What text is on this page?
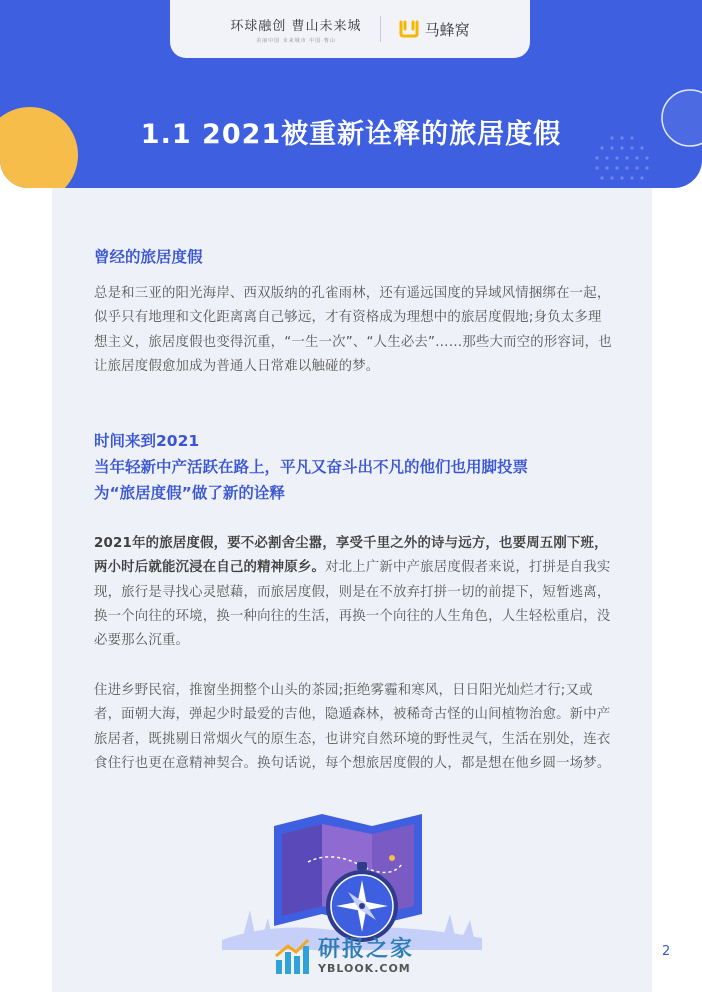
环球融创 曹山未来城
美丽中国 未来城市 中国·曹山
马蜂窝
1.1 2021被重新诠释的旅居度假
曾经的旅居度假

总是和三亚的阳光海岸、西双版纳的孔雀雨林，还有遥远国度的异域风情捆绑在一起，似乎只有地理和文化距离离自己够远，才有资格成为理想中的旅居度假地;身负太多理想主义，旅居度假也变得沉重，“一生一次”、“人生必去”……那些大而空的形容词，也让旅居度假愈加成为普通人日常难以触碰的梦。

时间来到2021
当年轻新中产活跃在路上，平凡又奋斗出不凡的他们也用脚投票
为“旅居度假”做了新的诠释

2021年的旅居度假，要不必割舍尘嚣，享受千里之外的诗与远方，也要周五刚下班，两小时后就能沉浸在自己的精神原乡。对北上广新中产旅居度假者来说，打拼是自我实现，旅行是寻找心灵慰藉，而旅居度假，则是在不放弃打拼一切的前提下，短暂逃离，换一个向往的环境，换一种向往的生活，再换一个向往的人生角色，人生轻松重启，没必要那么沉重。

住进乡野民宿，推窗坐拥整个山头的茶园;拒绝雾霾和寒风，日日阳光灿烂才行;又或者，面朝大海，弹起少时最爱的吉他，隐遁森林，被稀奇古怪的山间植物治愈。新中产旅居者，既挑剔日常烟火气的原生态，也讲究自然环境的野性灵气，生活在别处，连衣食住行也更在意精神契合。换句话说，每个想旅居度假的人，都是想在他乡圆一场梦。

研报之家
YBLOOK.COM
2
